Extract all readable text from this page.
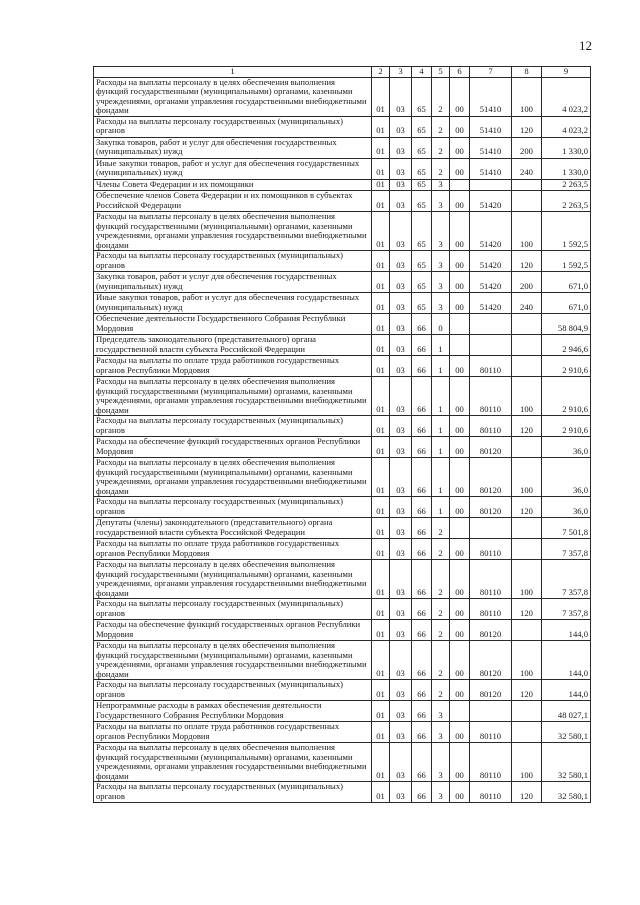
12
1	2	3	4	5	6	7	8	9
Расходы на выплаты персоналу в целях обеспечения выполнения функций государственными (муниципальными) органами, казенными учреждениями, органами управления государственными внебюджетными фондами	01	03	65	2	00	51410	100	4 023,2
Расходы на выплаты персоналу государственных (муниципальных) органов	01	03	65	2	00	51410	120	4 023,2
Закупка товаров, работ и услуг для обеспечения государственных (муниципальных) нужд	01	03	65	2	00	51410	200	1 330,0
Иные закупки товаров, работ и услуг для обеспечения государственных (муниципальных) нужд	01	03	65	2	00	51410	240	1 330,0
Члены Совета Федерации и их помощники	01	03	65	3				2 263,5
Обеспечение членов Совета Федерации и их помощников в субъектах Российской Федерации	01	03	65	3	00	51420		2 263,5
Расходы на выплаты персоналу в целях обеспечения выполнения функций государственными (муниципальными) органами, казенными учреждениями, органами управления государственными внебюджетными фондами	01	03	65	3	00	51420	100	1 592,5
Расходы на выплаты персоналу государственных (муниципальных) органов	01	03	65	3	00	51420	120	1 592,5
Закупка товаров, работ и услуг для обеспечения государственных (муниципальных) нужд	01	03	65	3	00	51420	200	671,0
Иные закупки товаров, работ и услуг для обеспечения государственных (муниципальных) нужд	01	03	65	3	00	51420	240	671,0
Обеспечение деятельности Государственного Собрания Республики Мордовия	01	03	66	0				58 804,9
Председатель законодательного (представительного) органа государственной власти субъекта Российской Федерации	01	03	66	1				2 946,6
Расходы на выплаты по оплате труда работников государственных органов Республики Мордовия	01	03	66	1	00	80110		2 910,6
Расходы на выплаты персоналу в целях обеспечения выполнения функций государственными (муниципальными) органами, казенными учреждениями, органами управления государственными внебюджетными фондами	01	03	66	1	00	80110	100	2 910,6
Расходы на выплаты персоналу государственных (муниципальных) органов	01	03	66	1	00	80110	120	2 910,6
Расходы на обеспечение функций государственных органов Республики Мордовия	01	03	66	1	00	80120		36,0
Расходы на выплаты персоналу в целях обеспечения выполнения функций государственными (муниципальными) органами, казенными учреждениями, органами управления государственными внебюджетными фондами	01	03	66	1	00	80120	100	36,0
Расходы на выплаты персоналу государственных (муниципальных) органов	01	03	66	1	00	80120	120	36,0
Депутаты (члены) законодательного (представительного) органа государственной власти субъекта Российской Федерации	01	03	66	2				7 501,8
Расходы на выплаты по оплате труда работников государственных органов Республики Мордовия	01	03	66	2	00	80110		7 357,8
Расходы на выплаты персоналу в целях обеспечения выполнения функций государственными (муниципальными) органами, казенными учреждениями, органами управления государственными внебюджетными фондами	01	03	66	2	00	80110	100	7 357,8
Расходы на выплаты персоналу государственных (муниципальных) органов	01	03	66	2	00	80110	120	7 357,8
Расходы на обеспечение функций государственных органов Республики Мордовия	01	03	66	2	00	80120		144,0
Расходы на выплаты персоналу в целях обеспечения выполнения функций государственными (муниципальными) органами, казенными учреждениями, органами управления государственными внебюджетными фондами	01	03	66	2	00	80120	100	144,0
Расходы на выплаты персоналу государственных (муниципальных) органов	01	03	66	2	00	80120	120	144,0
Непрограммные расходы в рамках обеспечения деятельности Государственного Собрания Республики Мордовия	01	03	66	3				48 027,1
Расходы на выплаты по оплате труда работников государственных органов Республики Мордовия	01	03	66	3	00	80110		32 580,1
Расходы на выплаты персоналу в целях обеспечения выполнения функций государственными (муниципальными) органами, казенными учреждениями, органами управления государственными внебюджетными фондами	01	03	66	3	00	80110	100	32 580,1
Расходы на выплаты персоналу государственных (муниципальных) органов	01	03	66	3	00	80110	120	32 580,1
